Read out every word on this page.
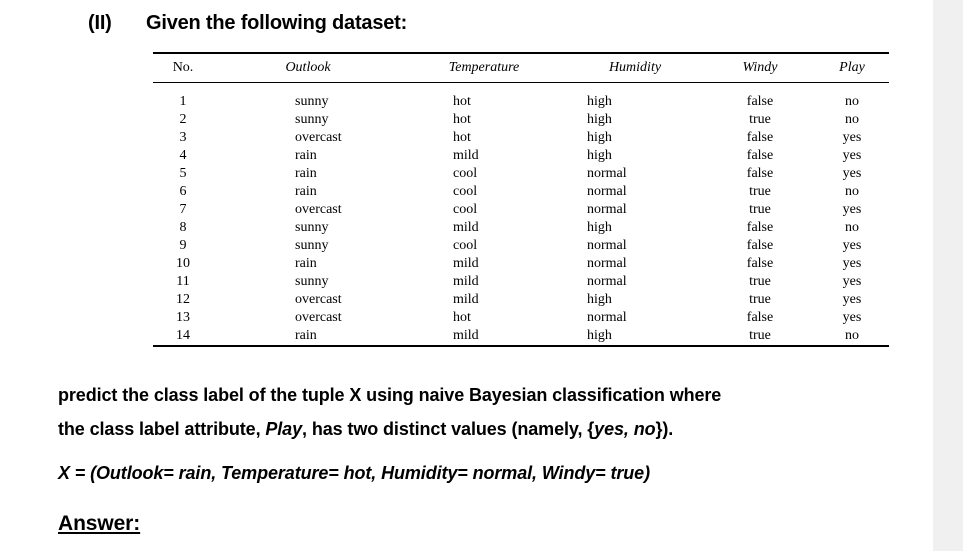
(II) Given the following dataset:
No.	Outlook	Temperature	Humidity	Windy	Play
1	sunny	hot	high	false	no
2	sunny	hot	high	true	no
3	overcast	hot	high	false	yes
4	rain	mild	high	false	yes
5	rain	cool	normal	false	yes
6	rain	cool	normal	true	no
7	overcast	cool	normal	true	yes
8	sunny	mild	high	false	no
9	sunny	cool	normal	false	yes
10	rain	mild	normal	false	yes
11	sunny	mild	normal	true	yes
12	overcast	mild	high	true	yes
13	overcast	hot	normal	false	yes
14	rain	mild	high	true	no
predict the class label of the tuple X using naive Bayesian classification where
the class label attribute, Play, has two distinct values (namely, {yes, no}).
X = (Outlook= rain, Temperature= hot, Humidity= normal, Windy= true)
Answer:
